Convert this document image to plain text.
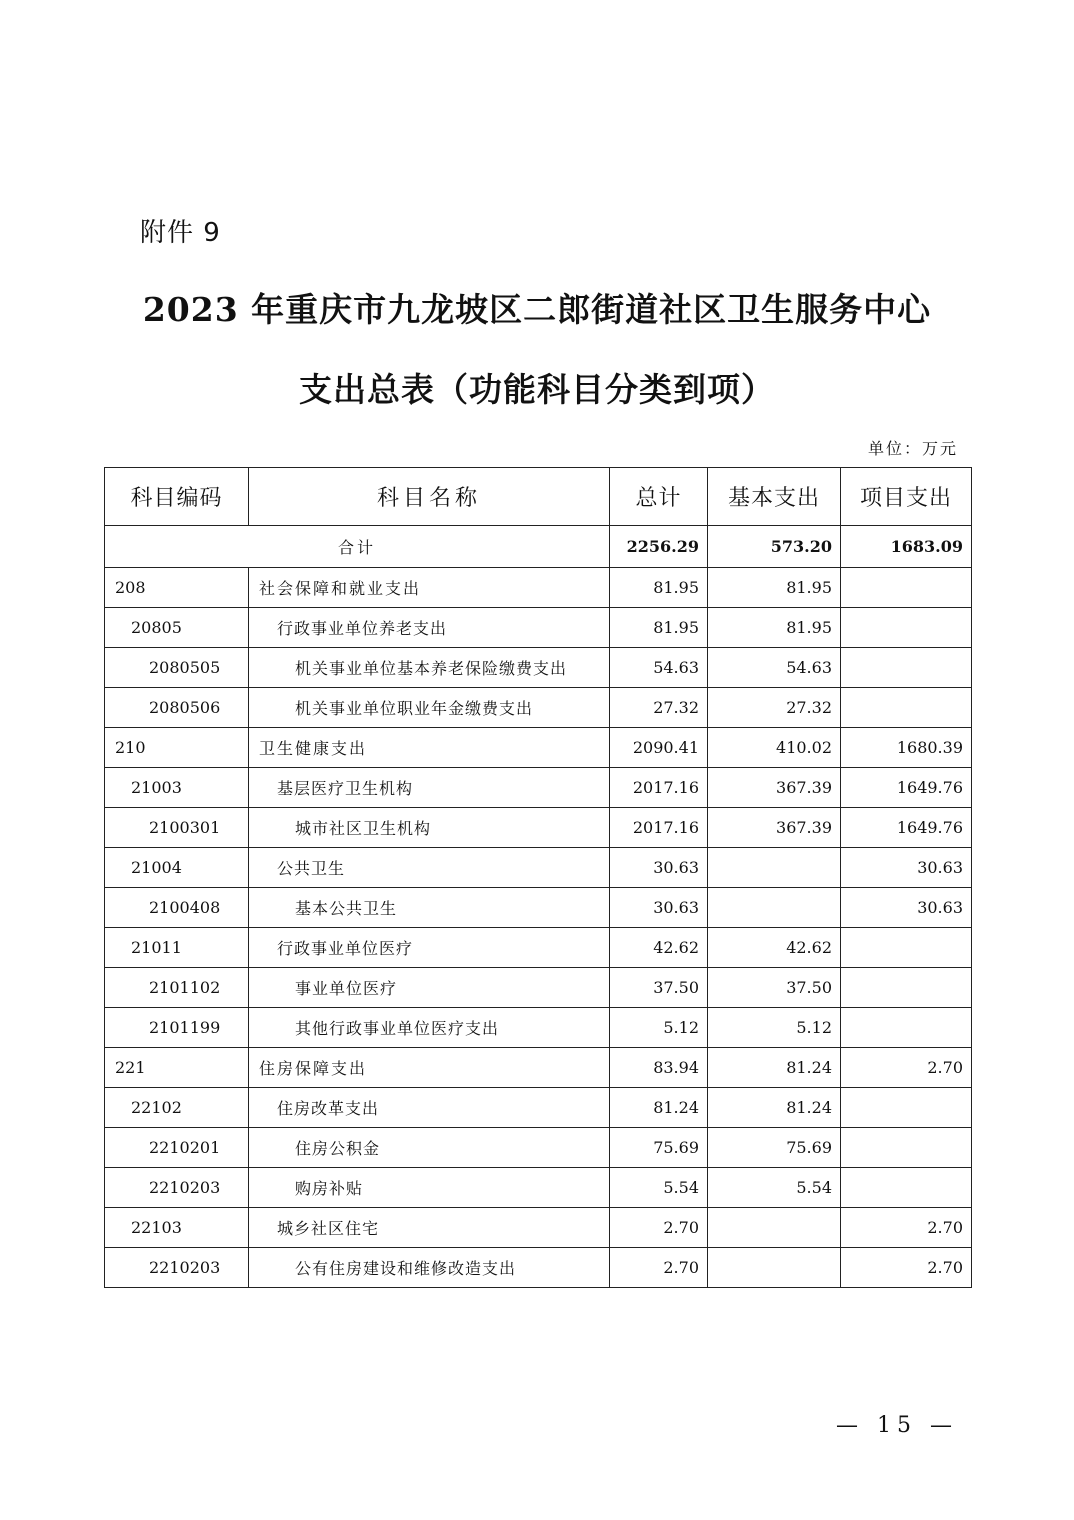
附件 9
2023 年重庆市九龙坡区二郎街道社区卫生服务中心
支出总表（功能科目分类到项）
单位：万元
科目编码	科目名称	总计	基本支出	项目支出
合计		2256.29	573.20	1683.09
208	社会保障和就业支出	81.95	81.95	
20805	行政事业单位养老支出	81.95	81.95	
2080505	机关事业单位基本养老保险缴费支出	54.63	54.63	
2080506	机关事业单位职业年金缴费支出	27.32	27.32	
210	卫生健康支出	2090.41	410.02	1680.39
21003	基层医疗卫生机构	2017.16	367.39	1649.76
2100301	城市社区卫生机构	2017.16	367.39	1649.76
21004	公共卫生	30.63		30.63
2100408	基本公共卫生	30.63		30.63
21011	行政事业单位医疗	42.62	42.62	
2101102	事业单位医疗	37.50	37.50	
2101199	其他行政事业单位医疗支出	5.12	5.12	
221	住房保障支出	83.94	81.24	2.70
22102	住房改革支出	81.24	81.24	
2210201	住房公积金	75.69	75.69	
2210203	购房补贴	5.54	5.54	
22103	城乡社区住宅	2.70		2.70
2210203	公有住房建设和维修改造支出	2.70		2.70
— 15 —
